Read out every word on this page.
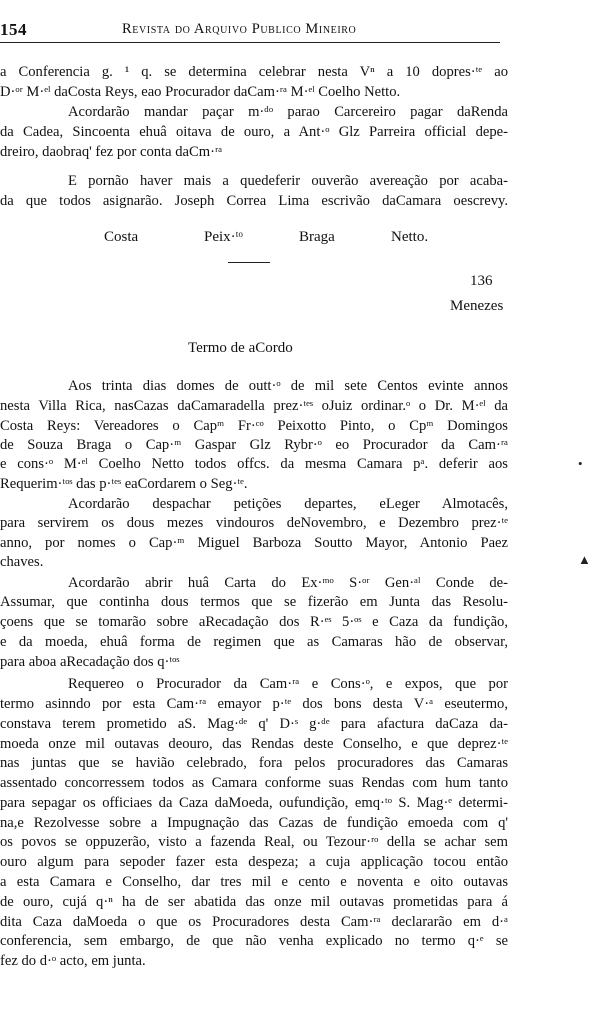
154	Revista do Arquivo Publico Mineiro
a Conferencia g. ¹ q. se determina celebrar nesta Vⁿ a 10 dopres·ᵗᵉ ao
D·ᵒʳ M·ᵉˡ daCosta Reys, eao Procurador daCam·ʳᵃ M·ᵉˡ Coelho Netto.
Acordarão mandar paçar m·ᵈᵒ parao Carcereiro pagar daRenda
da Cadea, Sincoenta ehuâ oitava de ouro, a Ant·ᵒ Glz Parreira official depe-
dreiro, daobraq' fez por conta daCm·ʳᵃ
E pornão haver mais a quedeferir ouverão avereação por acaba-
da que todos asignarão. Joseph Correa Lima escrivão daCamara oescrevy.
Costa	Peix·ᵗᵒ	Braga	Netto.
136
Menezes
Termo de aCordo
Aos trinta dias domes de outt·ᵒ de mil sete Centos evinte annos
nesta Villa Rica, nasCazas daCamaradella prez·ᵗᵉˢ oJuiz ordinar.ᵒ o Dr. M·ᵉˡ da
Costa Reys: Vereadores o Capᵐ Fr·ᶜᵒ Peixotto Pinto, o Cpᵐ Domingos
de Souza Braga o Cap·ᵐ Gaspar Glz Rybr·ᵒ eo Procurador da Cam·ʳᵃ
e cons·ᵒ M·ᵉˡ Coelho Netto todos offcs. da mesma Camara pᵃ. deferir aos
Requerim·ᵗᵒˢ das p·ᵗᵉˢ eaCordarem o Seg·ᵗᵉ.
Acordarão despachar petições departes, eLeger Almotacês,
para servirem os dous mezes vindouros deNovembro, e Dezembro prez·ᵗᵉ
anno, por nomes o Cap·ᵐ Miguel Barboza Soutto Mayor, Antonio Paez
chaves.
Acordarão abrir huâ Carta do Ex·ᵐᵒ S·ᵒʳ Gen·ᵃˡ Conde de-
Assumar, que continha dous termos que se fizerão em Junta das Resolu-
çoens que se tomarão sobre aRecadação dos R·ᵉˢ 5·ᵒˢ e Caza da fundição,
e da moeda, ehuâ forma de regimen que as Camaras hão de observar,
para aboa aRecadação dos q·ᵗᵒˢ
Requereo o Procurador da Cam·ʳᵃ e Cons·ᵒ, e expos, que por
termo asinndo por esta Cam·ʳᵃ emayor p·ᵗᵉ dos bons desta V·ᵃ eseutermo,
constava terem prometido aS. Mag·ᵈᵉ q' D·ˢ g·ᵈᵉ para afactura daCaza da-
moeda onze mil outavas deouro, das Rendas deste Conselho, e que deprez·ᵗᵉ
nas juntas que se havião celebrado, fora pelos procuradores das Camaras
assentado concorressem todos as Camara conforme suas Rendas com hum tanto
para sepagar os officiaes da Caza daMoeda, oufundição, emq·ᵗᵒ S. Mag·ᵉ determi-
na,e Rezolvesse sobre a Impugnação das Cazas de fundição emoeda com q'
os povos se oppuzerão, visto a fazenda Real, ou Tezour·ʳᵒ della se achar sem
ouro algum para sepoder fazer esta despeza; a cuja applicação tocou então
a esta Camara e Conselho, dar tres mil e cento e noventa e oito outavas
de ouro, cujá q·ⁿ ha de ser abatida das onze mil outavas prometidas para á
dita Caza daMoeda o que os Procuradores desta Cam·ʳᵃ declararão em d·ᵃ
conferencia, sem embargo, de que não venha explicado no termo q·ᵉ se
fez do d·ᵒ acto, em junta.
•
▲
